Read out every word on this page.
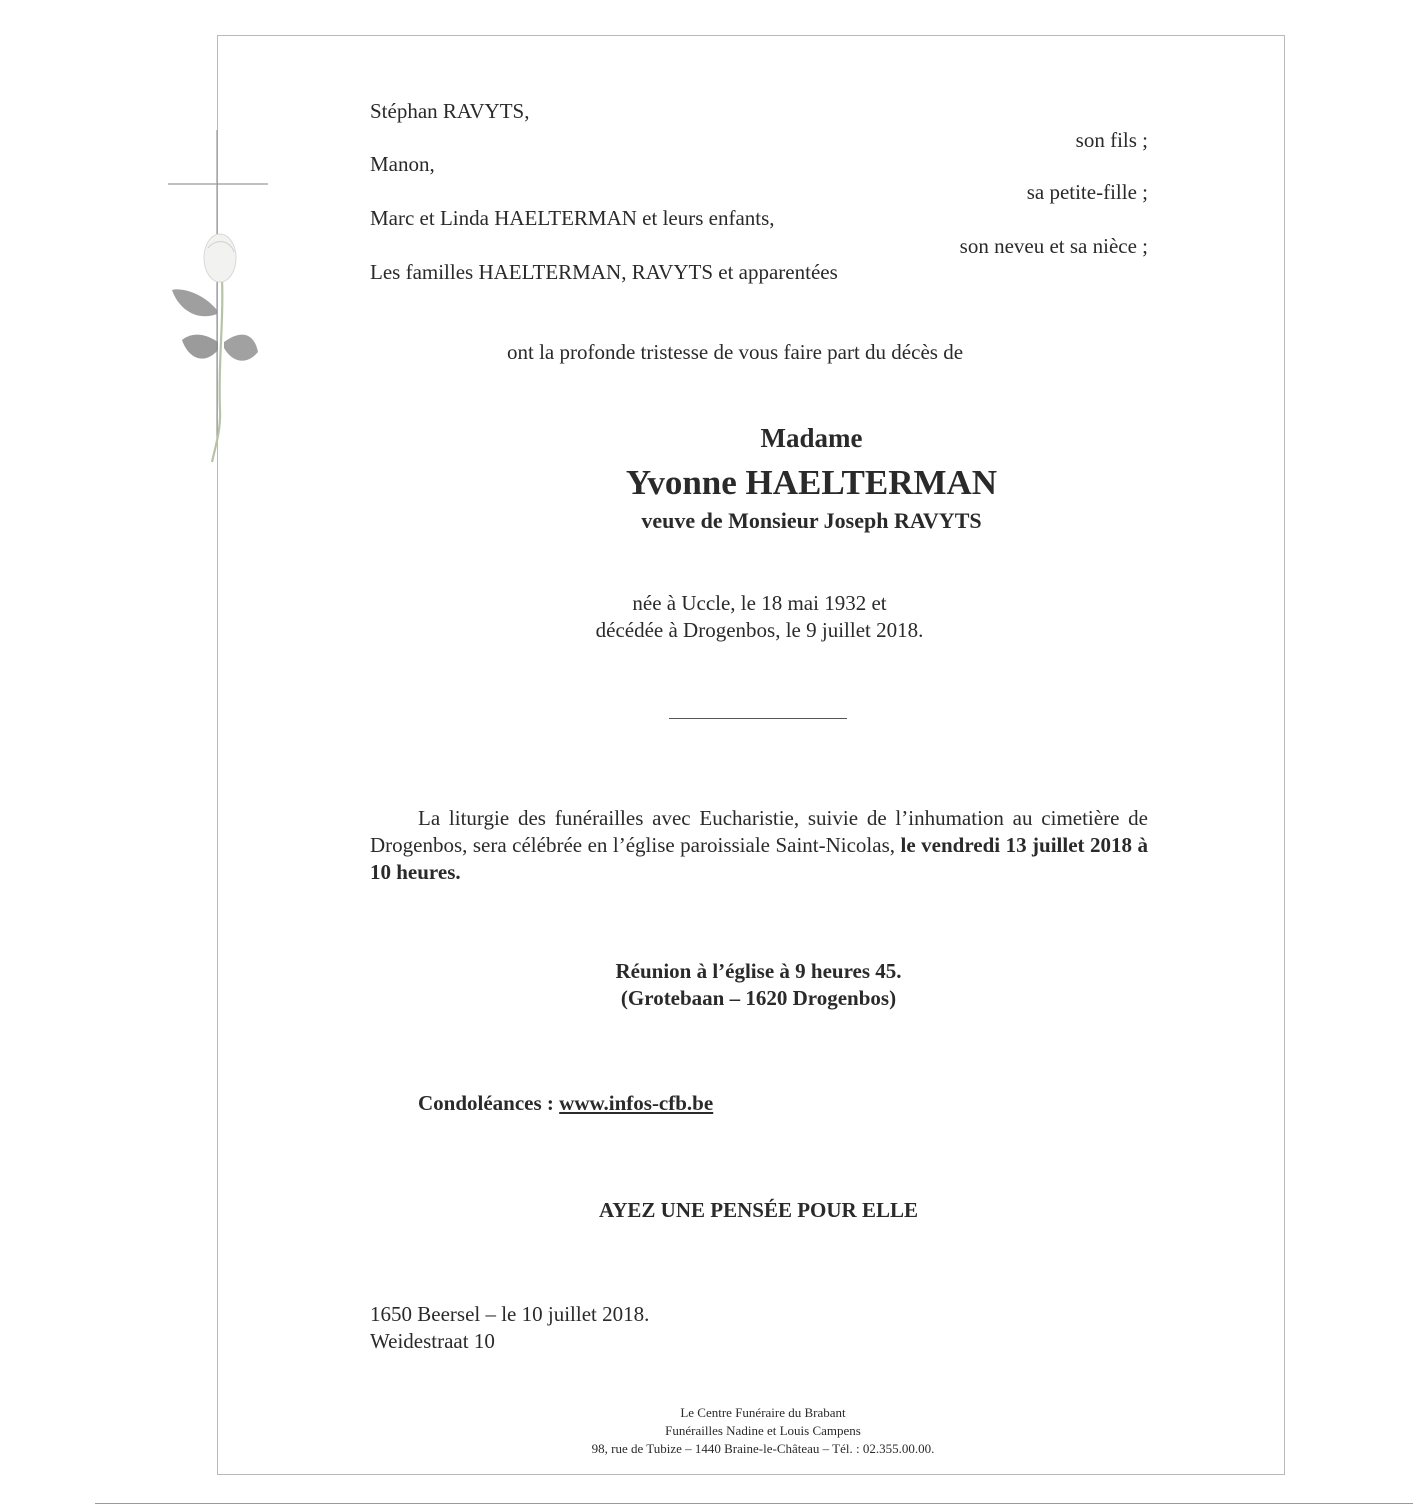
Stéphan RAVYTS,
son fils ;
Manon,
sa petite-fille ;
Marc et Linda HAELTERMAN et leurs enfants,
son neveu et sa nièce ;
Les familles HAELTERMAN, RAVYTS et apparentées
ont la profonde tristesse de vous faire part du décès de
Madame
Yvonne HAELTERMAN
veuve de Monsieur Joseph RAVYTS
née à Uccle, le 18 mai 1932 et
décédée à Drogenbos, le 9 juillet 2018.
La liturgie des funérailles avec Eucharistie, suivie de l’inhumation au cimetière de Drogenbos, sera célébrée en l’église paroissiale Saint-Nicolas, le vendredi 13 juillet 2018 à 10 heures.
Réunion à l’église à 9 heures 45.
(Grotebaan – 1620 Drogenbos)
Condoléances : www.infos-cfb.be
AYEZ UNE PENSÉE POUR ELLE
1650 Beersel – le 10 juillet 2018.
Weidestraat 10
Le Centre Funéraire du Brabant
Funérailles Nadine et Louis Campens
98, rue de Tubize – 1440 Braine-le-Château – Tél. : 02.355.00.00.
